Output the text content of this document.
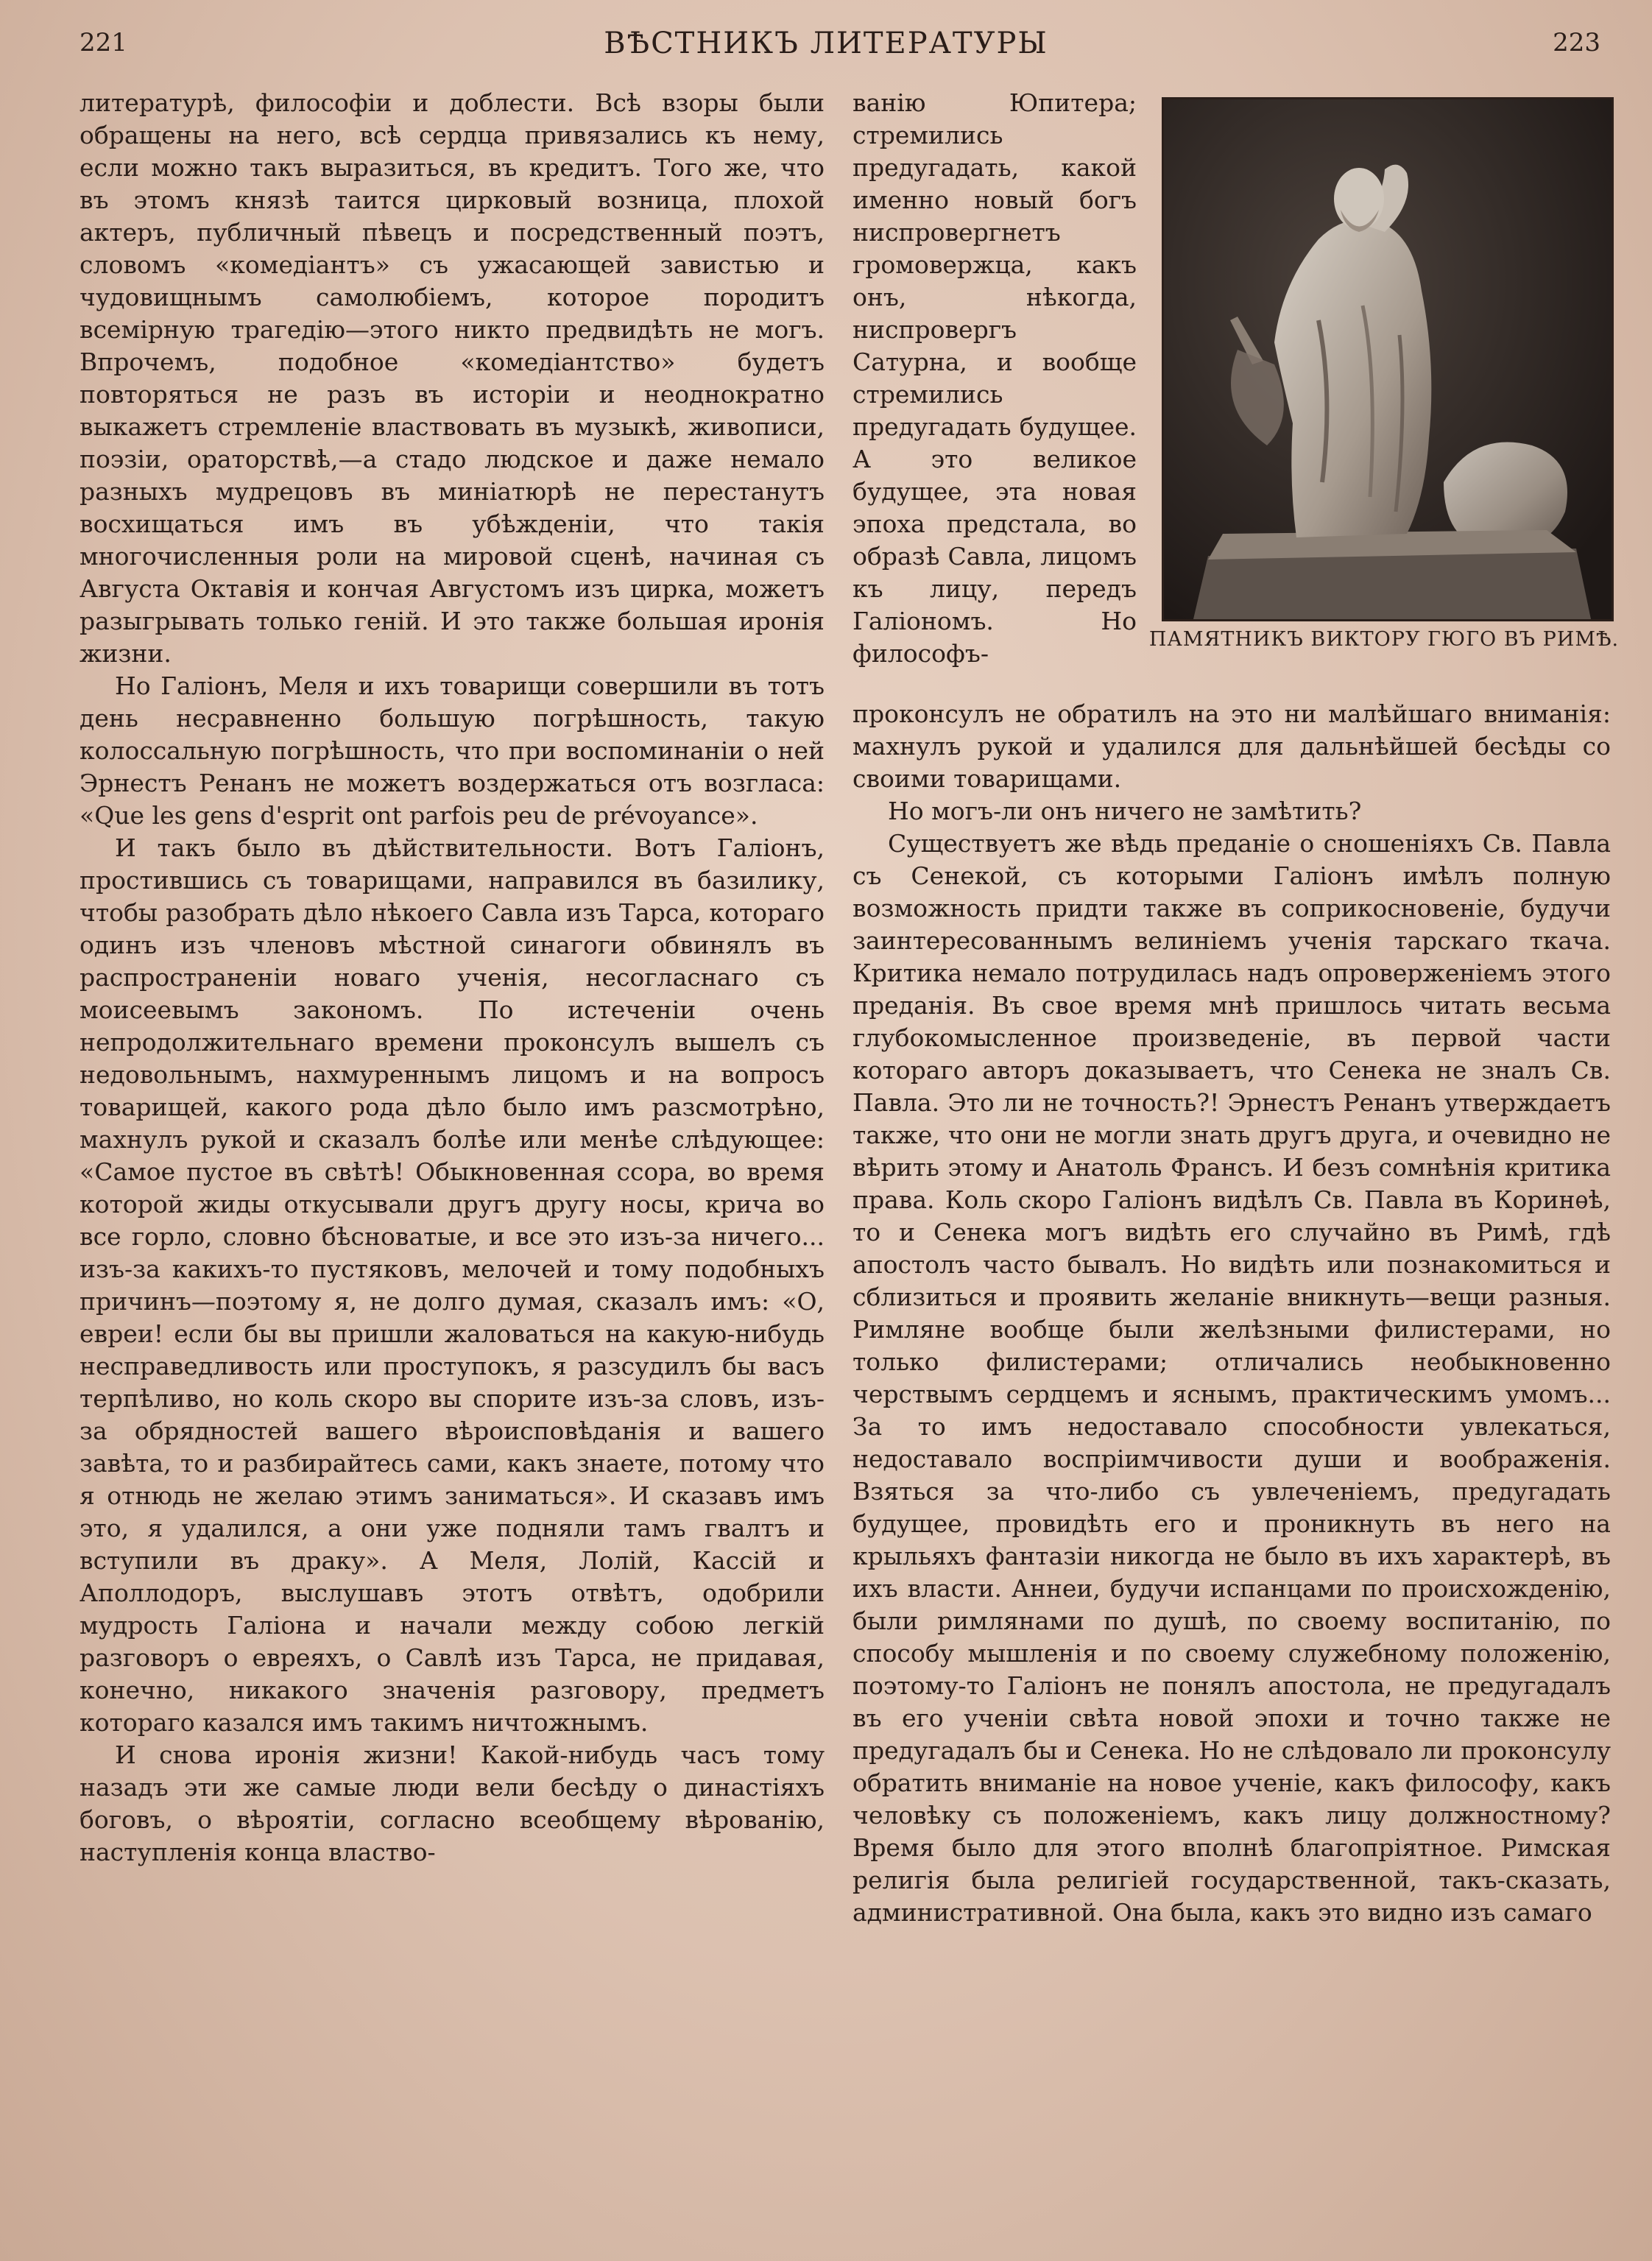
221	ВѢСТНИКЪ ЛИТЕРАТУРЫ	223

литературѣ, философіи и доблести. Всѣ взоры были обращены на него, всѣ сердца привязались къ нему, если можно такъ выразиться, въ кредитъ. Того же, что въ этомъ князѣ таится цирковый возница, плохой актеръ, публичный пѣвецъ и посредственный поэтъ, словомъ «комедіантъ» съ ужасающей завистью и чудовищнымъ самолюбіемъ, которое породитъ всемірную трагедію—этого никто предвидѣть не могъ. Впрочемъ, подобное «комедіантство» будетъ повторяться не разъ въ исторіи и неоднократно выкажетъ стремленіе властвовать въ музыкѣ, живописи, поэзіи, ораторствѣ,—а стадо людское и даже немало разныхъ мудрецовъ въ миніатюрѣ не перестанутъ восхищаться имъ въ убѣжденіи, что такія многочисленныя роли на мировой сценѣ, начиная съ Августа Октавія и кончая Августомъ изъ цирка, можетъ разыгрывать только геній. И это также большая иронія жизни.

Но Галіонъ, Меля и ихъ товарищи совершили въ тотъ день несравненно большую погрѣшность, такую колоссальную погрѣшность, что при воспоминаніи о ней Эрнестъ Ренанъ не можетъ воздержаться отъ возгласа: «Que les gens d'esprit ont parfois peu de prévoyance».

И такъ было въ дѣйствительности. Вотъ Галіонъ, простившись съ товарищами, направился въ базилику, чтобы разобрать дѣло нѣкоего Савла изъ Тарса, котораго одинъ изъ членовъ мѣстной синагоги обвинялъ въ распространеніи новаго ученія, несогласнаго съ моисеевымъ закономъ. По истеченіи очень непродолжительнаго времени проконсулъ вышелъ съ недовольнымъ, нахмуреннымъ лицомъ и на вопросъ товарищей, какого рода дѣло было имъ разсмотрѣно, махнулъ рукой и сказалъ болѣе или менѣе слѣдующее: «Самое пустое въ свѣтѣ! Обыкновенная ссора, во время которой жиды откусывали другъ другу носы, крича во все горло, словно бѣсноватые, и все это изъ-за ничего... изъ-за какихъ-то пустяковъ, мелочей и тому подобныхъ причинъ—поэтому я, не долго думая, сказалъ имъ: «О, евреи! если бы вы пришли жаловаться на какую-нибудь несправедливость или проступокъ, я разсудилъ бы васъ терпѣливо, но коль скоро вы спорите изъ-за словъ, изъ-за обрядностей вашего вѣроисповѣданія и вашего завѣта, то и разбирайтесь сами, какъ знаете, потому что я отнюдь не желаю этимъ заниматься». И сказавъ имъ это, я удалился, а они уже подняли тамъ гвалтъ и вступили въ драку». А Меля, Лолій, Кассій и Аполлодоръ, выслушавъ этотъ отвѣтъ, одобрили мудрость Галіона и начали между собою легкій разговоръ о евреяхъ, о Савлѣ изъ Тарса, не придавая, конечно, никакого значенія разговору, предметъ котораго казался имъ такимъ ничтожнымъ.

И снова иронія жизни! Какой-нибудь часъ тому назадъ эти же самые люди вели бесѣду о династіяхъ боговъ, о вѣроятіи, согласно всеобщему вѣрованію, наступленія конца властво-

ванію Юпитера; стремились предугадать, какой именно новый богъ ниспровергнетъ громовержца, какъ онъ, нѣкогда, ниспровергъ Сатурна, и вообще стремились предугадать будущее. А это великое будущее, эта новая эпоха предстала, во образѣ Савла, лицомъ къ лицу, передъ Галіономъ. Но философъ-	ПАМЯТНИКЪ ВИКТОРУ ГЮГО ВЪ РИМѢ.

проконсулъ не обратилъ на это ни малѣйшаго вниманія: махнулъ рукой и удалился для дальнѣйшей бесѣды со своими товарищами.

Но могъ-ли онъ ничего не замѣтить?

Существуетъ же вѣдь преданіе о сношеніяхъ Св. Павла съ Сенекой, съ которыми Галіонъ имѣлъ полную возможность придти также въ соприкосновеніе, будучи заинтересованнымъ велиніемъ ученія тарскаго ткача. Критика немало потрудилась надъ опроверженіемъ этого преданія. Въ свое время мнѣ пришлось читать весьма глубокомысленное произведеніе, въ первой части котораго авторъ доказываетъ, что Сенека не зналъ Св. Павла. Это ли не точность?! Эрнестъ Ренанъ утверждаетъ также, что они не могли знать другъ друга, и очевидно не вѣрить этому и Анатоль Франсъ. И безъ сомнѣнія критика права. Коль скоро Галіонъ видѣлъ Св. Павла въ Коринѳѣ, то и Сенека могъ видѣть его случайно въ Римѣ, гдѣ апостолъ часто бывалъ. Но видѣть или познакомиться и сблизиться и проявить желаніе вникнуть—вещи разныя. Римляне вообще были желѣзными филистерами, но только филистерами; отличались необыкновенно черствымъ сердцемъ и яснымъ, практическимъ умомъ... За то имъ недоставало способности увлекаться, недоставало воспріимчивости души и воображенія. Взяться за что-либо съ увлеченіемъ, предугадать будущее, провидѣть его и проникнуть въ него на крыльяхъ фантазіи никогда не было въ ихъ характерѣ, въ ихъ власти. Аннеи, будучи испанцами по происхожденію, были римлянами по душѣ, по своему воспитанію, по способу мышленія и по своему служебному положенію, поэтому-то Галіонъ не понялъ апостола, не предугадалъ въ его ученіи свѣта новой эпохи и точно также не предугадалъ бы и Сенека. Но не слѣдовало ли проконсулу обратить вниманіе на новое ученіе, какъ философу, какъ человѣку съ положеніемъ, какъ лицу должностному? Время было для этого вполнѣ благопріятное. Римская религія была религіей государственной, такъ-сказать, административной. Она была, какъ это видно изъ самаго
